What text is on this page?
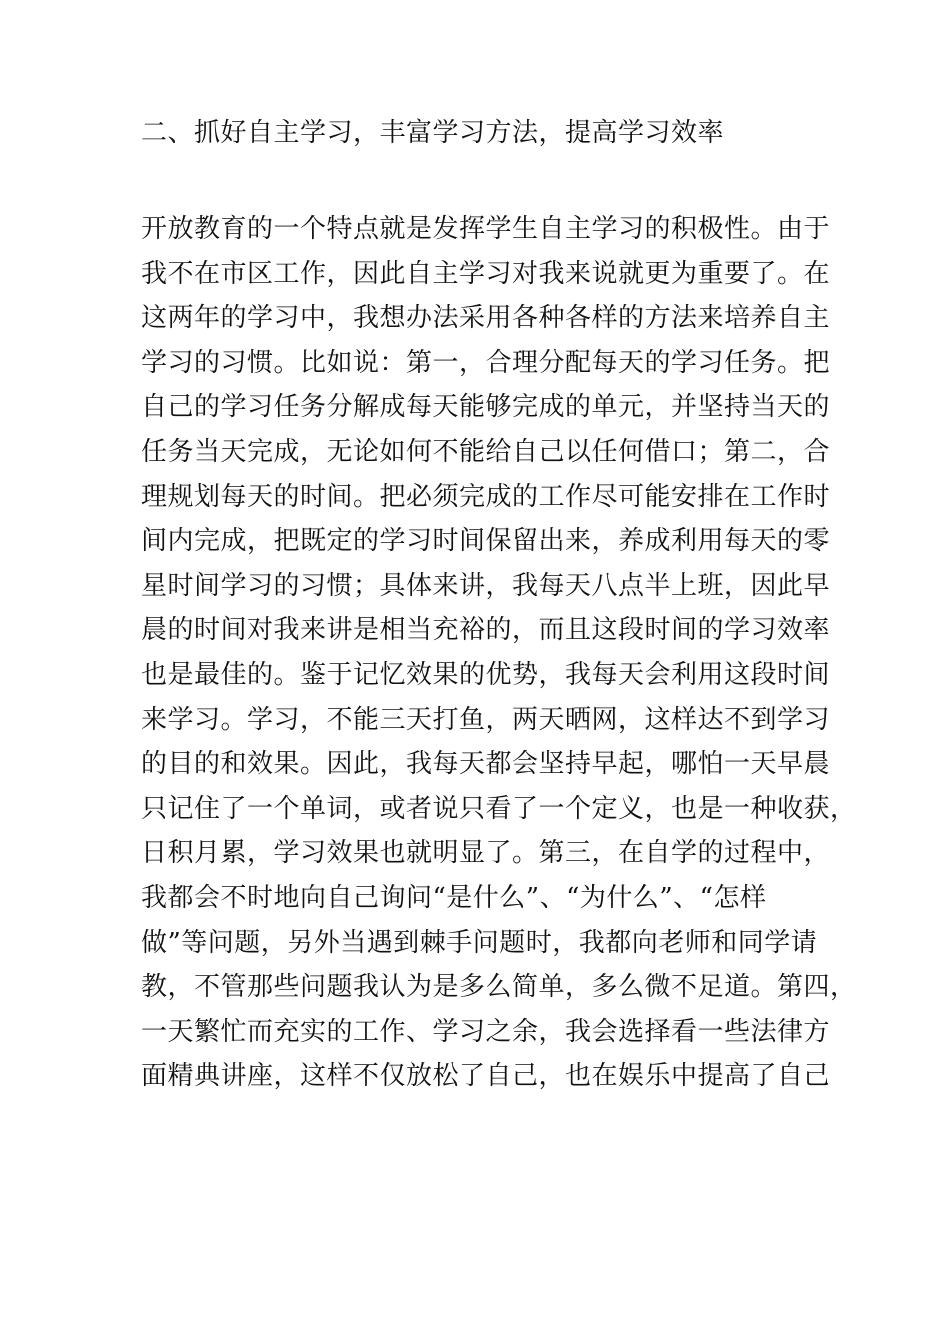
二、抓好自主学习，丰富学习方法，提高学习效率
开放教育的一个特点就是发挥学生自主学习的积极性。由于
我不在市区工作，因此自主学习对我来说就更为重要了。在
这两年的学习中，我想办法采用各种各样的方法来培养自主
学习的习惯。比如说：第一，合理分配每天的学习任务。把
自己的学习任务分解成每天能够完成的单元，并坚持当天的
任务当天完成，无论如何不能给自己以任何借口；第二，合
理规划每天的时间。把必须完成的工作尽可能安排在工作时
间内完成，把既定的学习时间保留出来，养成利用每天的零
星时间学习的习惯；具体来讲，我每天八点半上班，因此早
晨的时间对我来讲是相当充裕的，而且这段时间的学习效率
也是最佳的。鉴于记忆效果的优势，我每天会利用这段时间
来学习。学习，不能三天打鱼，两天晒网，这样达不到学习
的目的和效果。因此，我每天都会坚持早起，哪怕一天早晨
只记住了一个单词，或者说只看了一个定义，也是一种收获，
日积月累，学习效果也就明显了。第三，在自学的过程中，
我都会不时地向自己询问“是什么”、“为什么”、“怎样
做”等问题，另外当遇到棘手问题时，我都向老师和同学请
教，不管那些问题我认为是多么简单，多么微不足道。第四，
一天繁忙而充实的工作、学习之余，我会选择看一些法律方
面精典讲座，这样不仅放松了自己，也在娱乐中提高了自己
